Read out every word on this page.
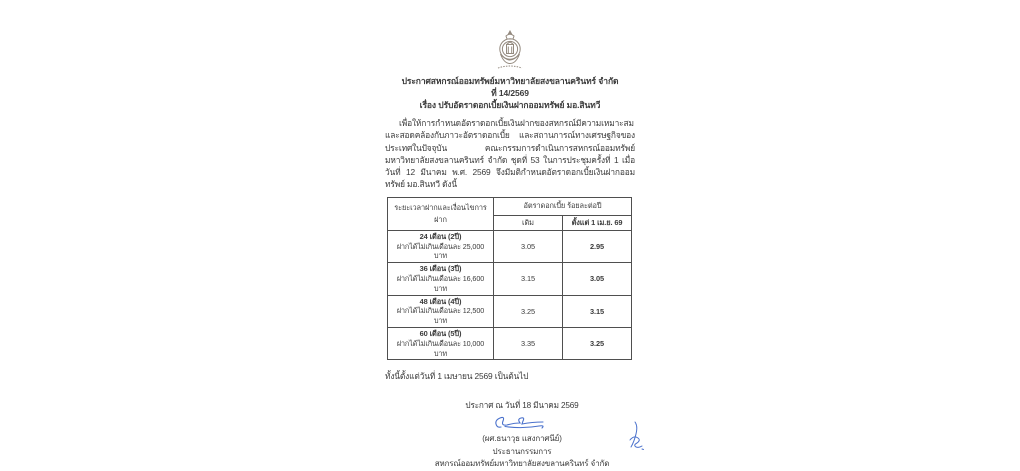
ประกาศสหกรณ์ออมทรัพย์มหาวิทยาลัยสงขลานครินทร์ จำกัด
ที่ 14/2569
เรื่อง ปรับอัตราดอกเบี้ยเงินฝากออมทรัพย์ มอ.สินทวี
เพื่อให้การกำหนดอัตราดอกเบี้ยเงินฝากของสหกรณ์มีความเหมาะสมและสอดคล้องกับภาวะอัตราดอกเบี้ย และสถานการณ์ทางเศรษฐกิจของประเทศในปัจจุบัน คณะกรรมการดำเนินการสหกรณ์ออมทรัพย์มหาวิทยาลัยสงขลานครินทร์ จำกัด ชุดที่ 53 ในการประชุมครั้งที่ 1 เมื่อวันที่ 12 มีนาคม พ.ศ. 2569 จึงมีมติกำหนดอัตราดอกเบี้ยเงินฝากออมทรัพย์ มอ.สินทวี ดังนี้
ระยะเวลาฝากและเงื่อนไขการฝาก	อัตราดอกเบี้ย ร้อยละต่อปี	
	เดิม	ตั้งแต่ 1 เม.ย. 69

24 เดือน (2ปี)
ฝากได้ไม่เกินเดือนละ 25,000 บาท	3.05	2.95

36 เดือน (3ปี)
ฝากได้ไม่เกินเดือนละ 16,600 บาท	3.15	3.05

48 เดือน (4ปี)
ฝากได้ไม่เกินเดือนละ 12,500 บาท	3.25	3.15

60 เดือน (5ปี)
ฝากได้ไม่เกินเดือนละ 10,000 บาท	3.35	3.25
ทั้งนี้ตั้งแต่วันที่ 1 เมษายน 2569 เป็นต้นไป
ประกาศ ณ วันที่ 18 มีนาคม 2569
(ผศ.ธนาวุธ แสงกาศนีย์)
ประธานกรรมการ
สหกรณ์ออมทรัพย์มหาวิทยาลัยสงขลานครินทร์ จำกัด
